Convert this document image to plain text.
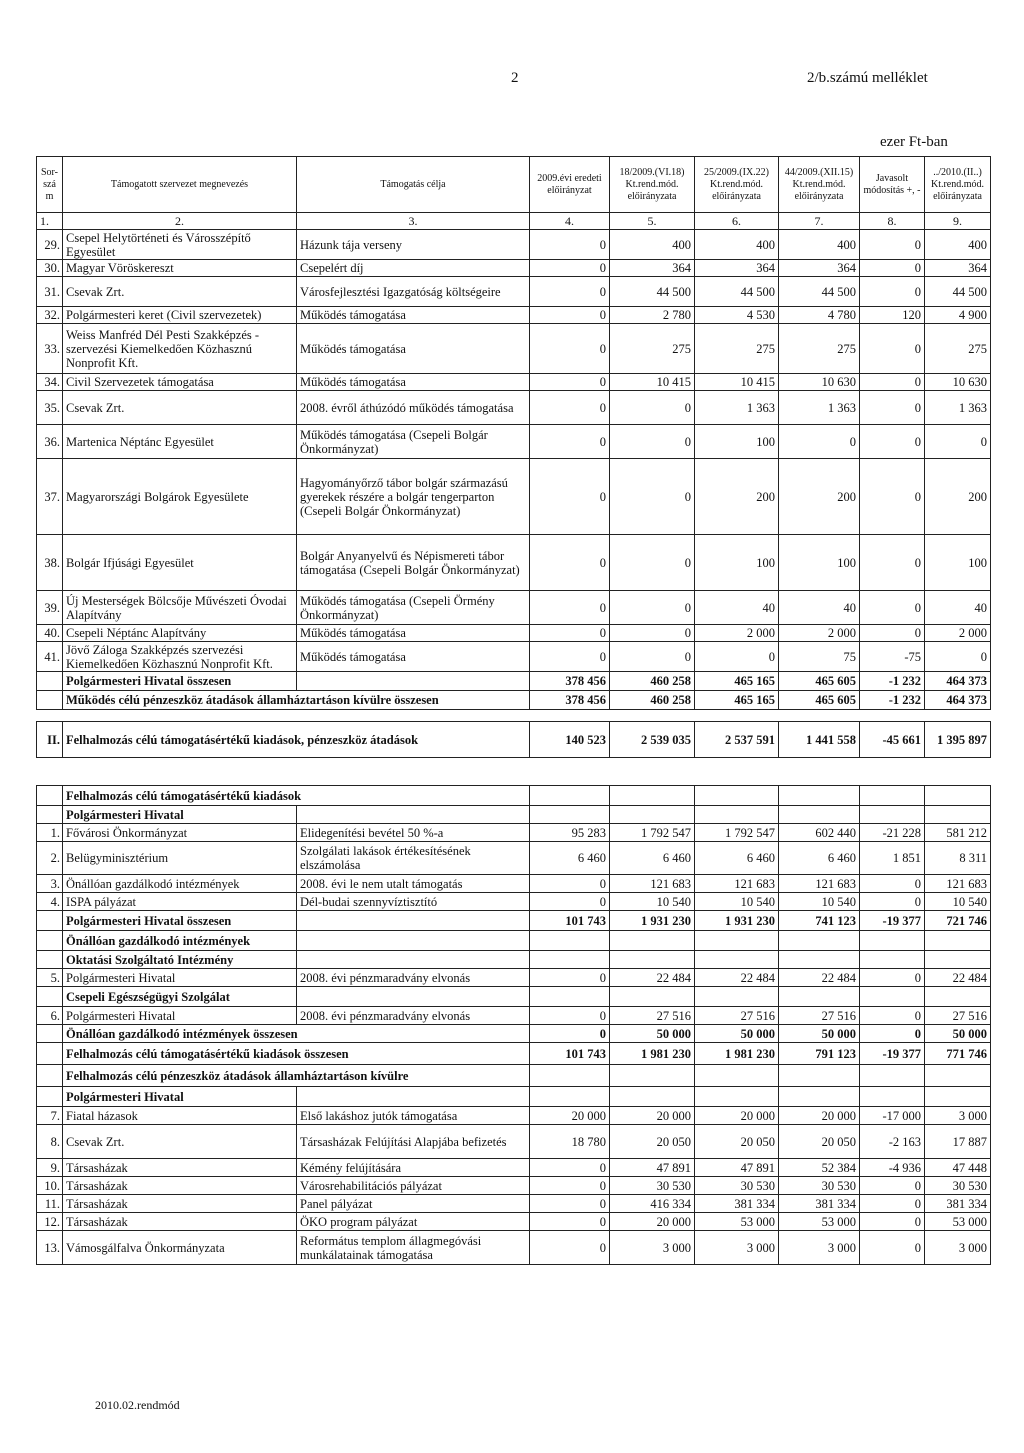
2	2/b.számú melléklet
ezer Ft-ban
Sor-szá m	Támogatott szervezet megnevezés	Támogatás célja	2009.évi eredeti előirányzat	18/2009.(VI.18) Kt.rend.mód. előirányzata	25/2009.(IX.22) Kt.rend.mód. előirányzata	44/2009.(XII.15) Kt.rend.mód. előirányzata	Javasolt módosítás +, -	../2010.(II..) Kt.rend.mód. előirányzata
1.	2.	3.	4.	5.	6.	7.	8.	9.
29.	Csepel Helytörténeti és Városszépítő Egyesület	Házunk tája verseny	0	400	400	400	0	400
30.	Magyar Vöröskereszt	Csepelért díj	0	364	364	364	0	364
31.	Csevak Zrt.	Városfejlesztési Igazgatóság költségeire	0	44 500	44 500	44 500	0	44 500
32.	Polgármesteri keret (Civil szervezetek)	Működés támogatása	0	2 780	4 530	4 780	120	4 900
33.	Weiss Manfréd Dél Pesti Szakképzés -szervezési Kiemelkedően Közhasznú Nonprofit Kft.	Működés támogatása	0	275	275	275	0	275
34.	Civil Szervezetek támogatása	Működés támogatása	0	10 415	10 415	10 630	0	10 630
35.	Csevak Zrt.	2008. évről áthúzódó működés támogatása	0	0	1 363	1 363	0	1 363
36.	Martenica Néptánc Egyesület	Működés támogatása (Csepeli Bolgár Önkormányzat)	0	0	100	0	0	0
37.	Magyarországi Bolgárok Egyesülete	Hagyományőrző tábor bolgár származású gyerekek részére a bolgár tengerparton (Csepeli Bolgár Önkormányzat)	0	0	200	200	0	200
38.	Bolgár Ifjúsági Egyesület	Bolgár Anyanyelvű és Népismereti tábor támogatása (Csepeli Bolgár Önkormányzat)	0	0	100	100	0	100
39.	Új Mesterségek Bölcsője Művészeti Óvodai Alapítvány	Működés támogatása (Csepeli Örmény Önkormányzat)	0	0	40	40	0	40
40.	Csepeli Néptánc Alapítvány	Működés támogatása	0	0	2 000	2 000	0	2 000
41.	Jövő Záloga Szakképzés szervezési Kiemelkedően Közhasznú Nonprofit Kft.	Működés támogatása	0	0	0	75	-75	0
	Polgármesteri Hivatal összesen		378 456	460 258	465 165	465 605	-1 232	464 373
	Működés célú pénzeszköz átadások államháztartáson kívülre összesen		378 456	460 258	465 165	465 605	-1 232	464 373

II.	Felhalmozás célú támogatásértékű kiadások, pénzeszköz átadások		140 523	2 539 035	2 537 591	1 441 558	-45 661	1 395 897

	Felhalmozás célú támogatásértékű kiadások							
	Polgármesteri Hivatal							
1.	Fővárosi Önkormányzat	Elidegenítési bevétel 50 %-a	95 283	1 792 547	1 792 547	602 440	-21 228	581 212
2.	Belügyminisztérium	Szolgálati lakások értékesítésének elszámolása	6 460	6 460	6 460	6 460	1 851	8 311
3.	Önállóan gazdálkodó intézmények	2008. évi le nem utalt támogatás	0	121 683	121 683	121 683	0	121 683
4.	ISPA pályázat	Dél-budai szennyvíztisztító	0	10 540	10 540	10 540	0	10 540
	Polgármesteri Hivatal összesen		101 743	1 931 230	1 931 230	741 123	-19 377	721 746
	Önállóan gazdálkodó intézmények							
	Oktatási Szolgáltató Intézmény							
5.	Polgármesteri Hivatal	2008. évi pénzmaradvány elvonás	0	22 484	22 484	22 484	0	22 484
	Csepeli Egészségügyi Szolgálat							
6.	Polgármesteri Hivatal	2008. évi pénzmaradvány elvonás	0	27 516	27 516	27 516	0	27 516
	Önállóan gazdálkodó intézmények összesen		0	50 000	50 000	50 000	0	50 000
	Felhalmozás célú támogatásértékű kiadások összesen		101 743	1 981 230	1 981 230	791 123	-19 377	771 746
	Felhalmozás célú pénzeszköz átadások államháztartáson kívülre							
	Polgármesteri Hivatal							
7.	Fiatal házasok	Első lakáshoz jutók támogatása	20 000	20 000	20 000	20 000	-17 000	3 000
8.	Csevak Zrt.	Társasházak Felújítási Alapjába befizetés	18 780	20 050	20 050	20 050	-2 163	17 887
9.	Társasházak	Kémény felújítására	0	47 891	47 891	52 384	-4 936	47 448
10.	Társasházak	Városrehabilitációs pályázat	0	30 530	30 530	30 530	0	30 530
11.	Társasházak	Panel pályázat	0	416 334	381 334	381 334	0	381 334
12.	Társasházak	ÖKO program pályázat	0	20 000	53 000	53 000	0	53 000
13.	Vámosgálfalva Önkormányzata	Református templom állagmegóvási munkálatainak támogatása	0	3 000	3 000	3 000	0	3 000
2010.02.rendmód
